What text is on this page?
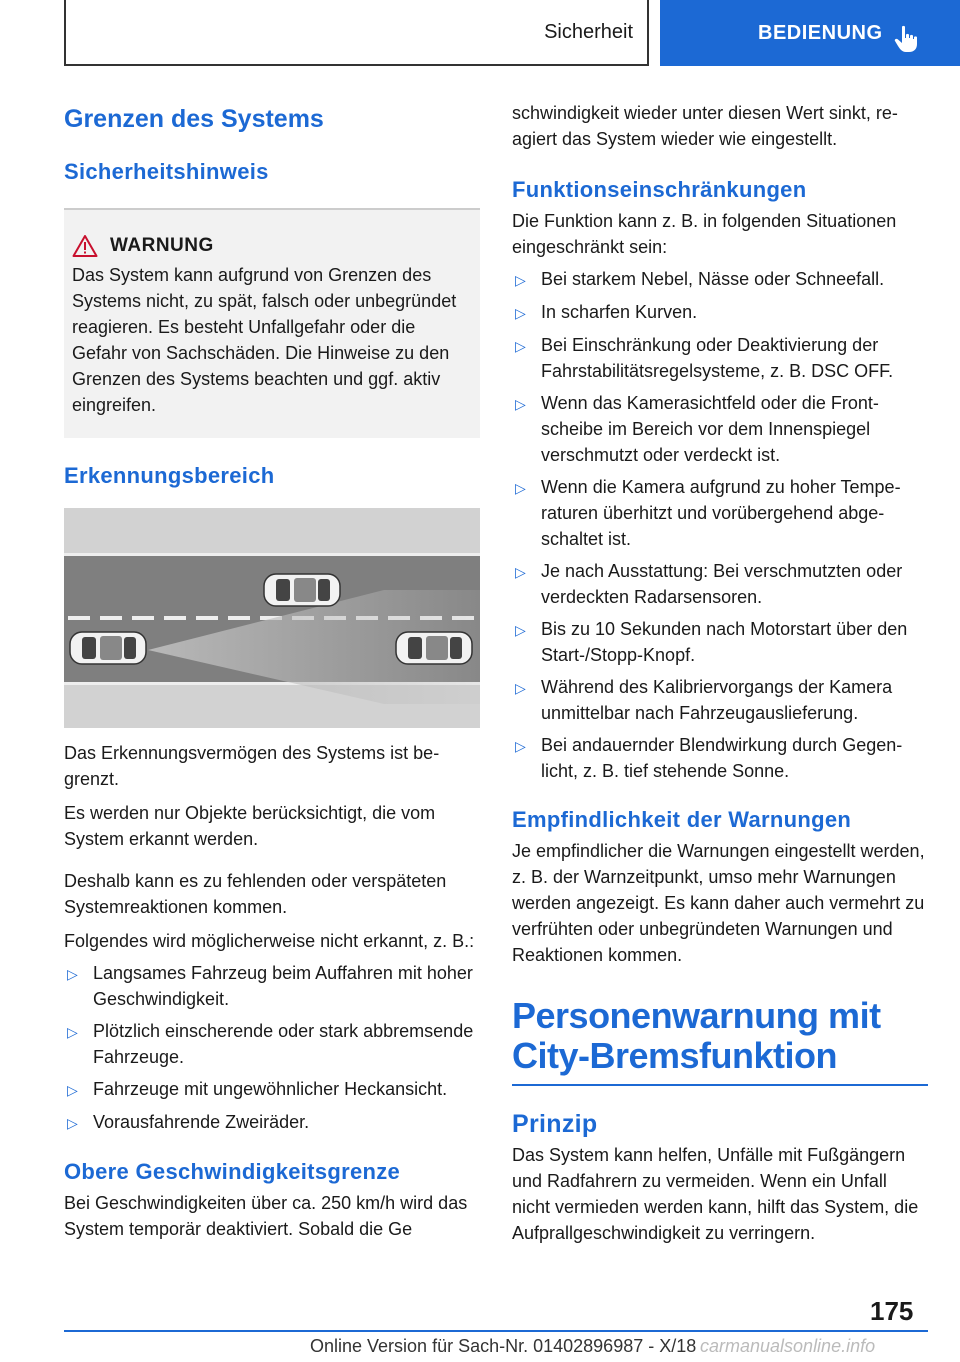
Sicherheit	BEDIENUNG
Grenzen des Systems
Sicherheitshinweis
WARNUNG

Das System kann aufgrund von Grenzen des Systems nicht, zu spät, falsch oder unbegründet reagieren. Es besteht Unfallgefahr oder die Gefahr von Sachschäden. Die Hinweise zu den Grenzen des Systems beachten und ggf. aktiv eingreifen.

Erkennungsbereich

Das Erkennungsvermögen des Systems ist begrenzt.

Es werden nur Objekte berücksichtigt, die vom System erkannt werden.

Deshalb kann es zu fehlenden oder verspäteten Systemreaktionen kommen.

Folgendes wird möglicherweise nicht erkannt, z. B.:

▷ Langsames Fahrzeug beim Auffahren mit hoher Geschwindigkeit.
▷ Plötzlich einscherende oder stark abbremsende Fahrzeuge.
▷ Fahrzeuge mit ungewöhnlicher Heckansicht.
▷ Vorausfahrende Zweiräder.
Obere Geschwindigkeitsgrenze

Bei Geschwindigkeiten über ca. 250 km/h wird das System temporär deaktiviert. Sobald die Ge

schwindigkeit wieder unter diesen Wert sinkt, reagiert das System wieder wie eingestellt.

Funktionseinschränkungen

Die Funktion kann z. B. in folgenden Situationen eingeschränkt sein:

▷ Bei starkem Nebel, Nässe oder Schneefall.
▷ In scharfen Kurven.
▷ Bei Einschränkung oder Deaktivierung der Fahrstabilitätsregelsysteme, z. B. DSC OFF.
▷ Wenn das Kamerasichtfeld oder die Frontscheibe im Bereich vor dem Innenspiegel verschmutzt oder verdeckt ist.
▷ Wenn die Kamera aufgrund zu hoher Temperaturen überhitzt und vorübergehend abgeschaltet ist.
▷ Je nach Ausstattung: Bei verschmutzten oder verdeckten Radarsensoren.
▷ Bis zu 10 Sekunden nach Motorstart über den Start-/Stopp-Knopf.
▷ Während des Kalibriervorgangs der Kamera unmittelbar nach Fahrzeugauslieferung.
▷ Bei andauernder Blendwirkung durch Gegenlicht, z. B. tief stehende Sonne.
Empfindlichkeit der Warnungen

Je empfindlicher die Warnungen eingestellt werden, z. B. der Warnzeitpunkt, umso mehr Warnungen werden angezeigt. Es kann daher auch vermehrt zu verfrühten oder unbegründeten Warnungen und Reaktionen kommen.

Personenwarnung mit City-Bremsfunktion
Prinzip

Das System kann helfen, Unfälle mit Fußgängern und Radfahrern zu vermeiden. Wenn ein Unfall nicht vermieden werden kann, hilft das System, die Aufprallgeschwindigkeit zu verringern.

175
Online Version für Sach-Nr. 01402896987 - X/18 carmanualsonline.info
